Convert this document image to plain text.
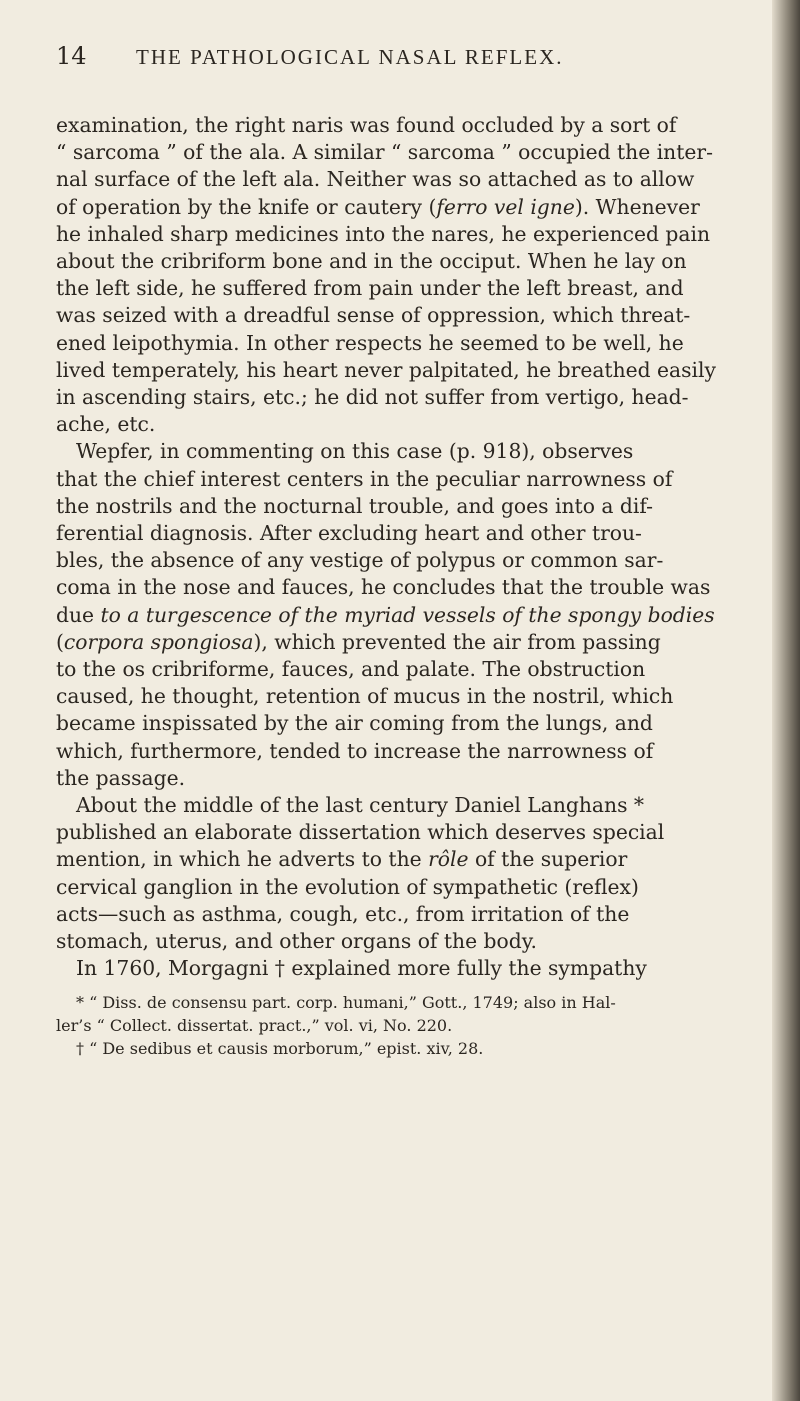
14	THE PATHOLOGICAL NASAL REFLEX.

examination, the right naris was found occluded by a sort of
“ sarcoma ” of the ala. A similar “ sarcoma ” occupied the inter-
nal surface of the left ala. Neither was so attached as to allow
of operation by the knife or cautery (ferro vel igne). Whenever
he inhaled sharp medicines into the nares, he experienced pain
about the cribriform bone and in the occiput. When he lay on
the left side, he suffered from pain under the left breast, and
was seized with a dreadful sense of oppression, which threat-
ened leipothymia. In other respects he seemed to be well, he
lived temperately, his heart never palpitated, he breathed easily
in ascending stairs, etc.; he did not suffer from vertigo, head-
ache, etc.

Wepfer, in commenting on this case (p. 918), observes
that the chief interest centers in the peculiar narrowness of
the nostrils and the nocturnal trouble, and goes into a dif-
ferential diagnosis. After excluding heart and other trou-
bles, the absence of any vestige of polypus or common sar-
coma in the nose and fauces, he concludes that the trouble was
due to a turgescence of the myriad vessels of the spongy bodies
(corpora spongiosa), which prevented the air from passing
to the os cribriforme, fauces, and palate. The obstruction
caused, he thought, retention of mucus in the nostril, which
became inspissated by the air coming from the lungs, and
which, furthermore, tended to increase the narrowness of
the passage.

About the middle of the last century Daniel Langhans *
published an elaborate dissertation which deserves special
mention, in which he adverts to the rôle of the superior
cervical ganglion in the evolution of sympathetic (reflex)
acts—such as asthma, cough, etc., from irritation of the
stomach, uterus, and other organs of the body.

In 1760, Morgagni † explained more fully the sympathy

* “ Diss. de consensu part. corp. humani,” Gott., 1749; also in Hal-
ler’s “ Collect. dissertat. pract.,” vol. vi, No. 220.
† “ De sedibus et causis morborum,” epist. xiv, 28.
